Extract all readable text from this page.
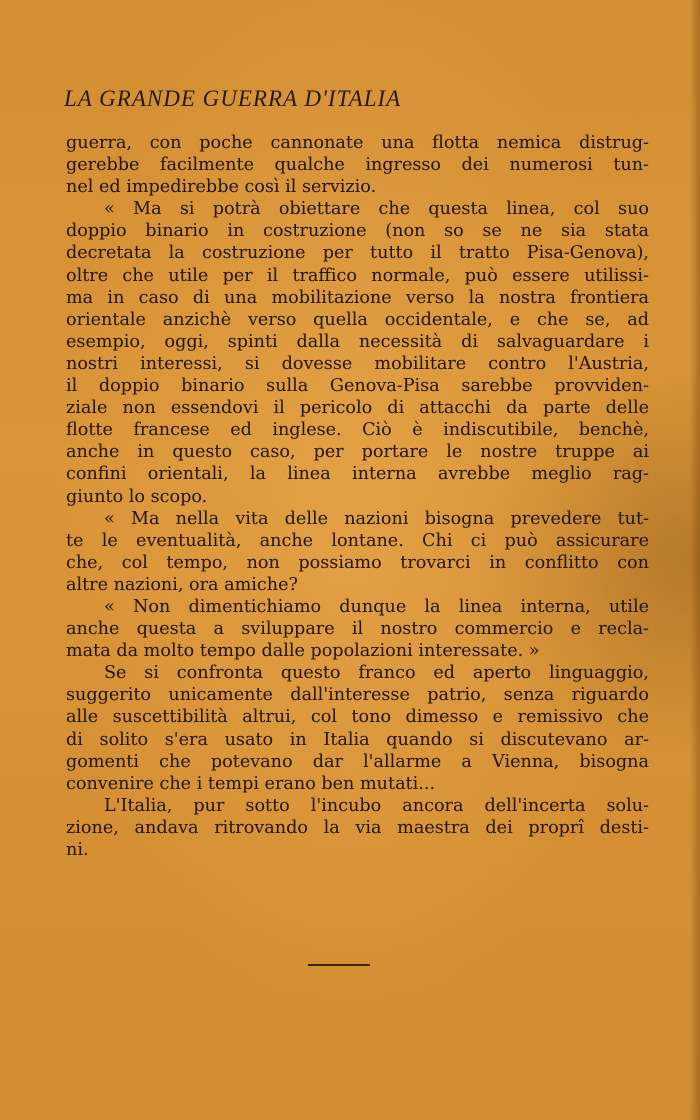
LA GRANDE GUERRA D'ITALIA
guerra, con poche cannonate una flotta nemica distrug-
gerebbe facilmente qualche ingresso dei numerosi tun-
nel ed impedirebbe così il servizio.
« Ma si potrà obiettare che questa linea, col suo
doppio binario in costruzione (non so se ne sia stata
decretata la costruzione per tutto il tratto Pisa-Genova),
oltre che utile per il traffico normale, può essere utilissi-
ma in caso di una mobilitazione verso la nostra frontiera
orientale anzichè verso quella occidentale, e che se, ad
esempio, oggi, spinti dalla necessità di salvaguardare i
nostri interessi, si dovesse mobilitare contro l'Austria,
il doppio binario sulla Genova-Pisa sarebbe provviden-
ziale non essendovi il pericolo di attacchi da parte delle
flotte francese ed inglese. Ciò è indiscutibile, benchè,
anche in questo caso, per portare le nostre truppe ai
confini orientali, la linea interna avrebbe meglio rag-
giunto lo scopo.
« Ma nella vita delle nazioni bisogna prevedere tut-
te le eventualità, anche lontane. Chi ci può assicurare
che, col tempo, non possiamo trovarci in conflitto con
altre nazioni, ora amiche?
« Non dimentichiamo dunque la linea interna, utile
anche questa a sviluppare il nostro commercio e recla-
mata da molto tempo dalle popolazioni interessate. »
Se si confronta questo franco ed aperto linguaggio,
suggerito unicamente dall'interesse patrio, senza riguardo
alle suscettibilità altrui, col tono dimesso e remissivo che
di solito s'era usato in Italia quando si discutevano ar-
gomenti che potevano dar l'allarme a Vienna, bisogna
convenire che i tempi erano ben mutati...
L'Italia, pur sotto l'incubo ancora dell'incerta solu-
zione, andava ritrovando la via maestra dei proprî desti-
ni.
